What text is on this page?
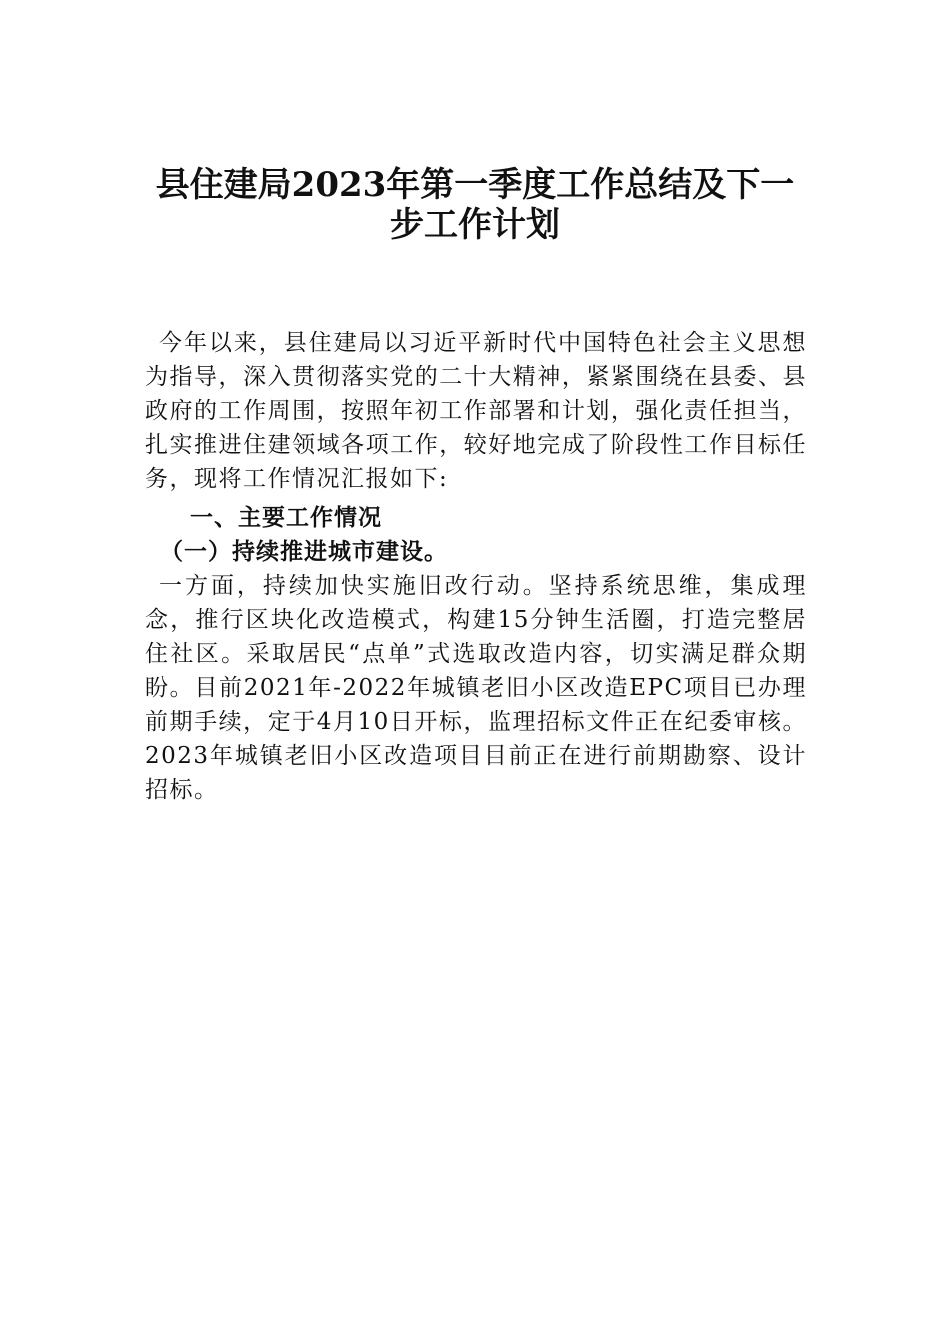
县住建局2023年第一季度工作总结及下一
步工作计划

今年以来，县住建局以习近平新时代中国特色社会主义思想为指导，深入贯彻落实党的二十大精神，紧紧围绕在县委、县政府的工作周围，按照年初工作部署和计划，强化责任担当，扎实推进住建领域各项工作，较好地完成了阶段性工作目标任务，现将工作情况汇报如下:

一、主要工作情况
（一）持续推进城市建设。

一方面，持续加快实施旧改行动。坚持系统思维，集成理念，推行区块化改造模式，构建15分钟生活圈，打造完整居住社区。采取居民“点单”式选取改造内容，切实满足群众期盼。目前2021年-2022年城镇老旧小区改造EPC项目已办理前期手续，定于4月10日开标，监理招标文件正在纪委审核。2023年城镇老旧小区改造项目目前正在进行前期勘察、设计招标。
